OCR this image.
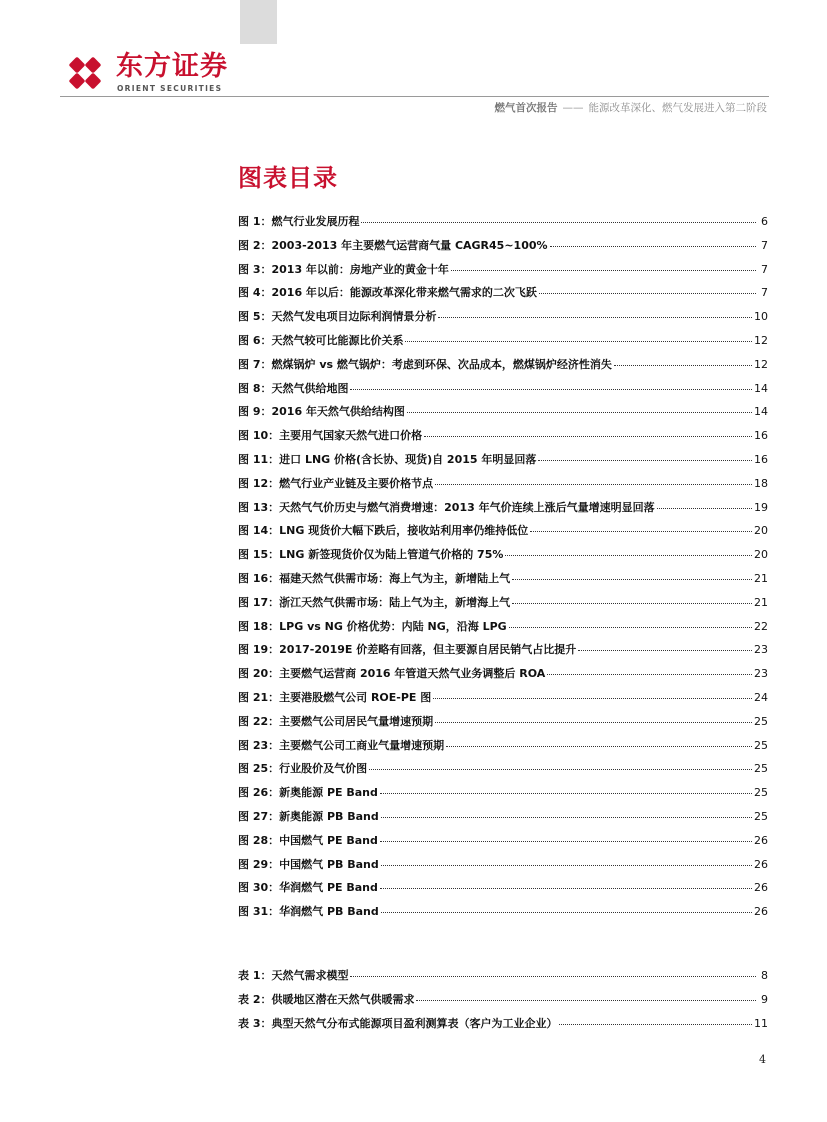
东方证券
ORIENT SECURITIES
燃气首次报告 —— 能源改革深化、燃气发展进入第二阶段
图表目录
图 1：燃气行业发展历程	6
图 2：2003-2013 年主要燃气运营商气量 CAGR45~100%	7
图 3：2013 年以前：房地产业的黄金十年	7
图 4：2016 年以后：能源改革深化带来燃气需求的二次飞跃	7
图 5：天然气发电项目边际利润情景分析	10
图 6：天然气较可比能源比价关系	12
图 7：燃煤锅炉 vs 燃气锅炉：考虑到环保、次品成本，燃煤锅炉经济性消失	12
图 8：天然气供给地图	14
图 9：2016 年天然气供给结构图	14
图 10：主要用气国家天然气进口价格	16
图 11：进口 LNG 价格(含长协、现货)自 2015 年明显回落	16
图 12：燃气行业产业链及主要价格节点	18
图 13：天然气气价历史与燃气消费增速：2013 年气价连续上涨后气量增速明显回落	19
图 14：LNG 现货价大幅下跌后，接收站利用率仍维持低位	20
图 15：LNG 新签现货价仅为陆上管道气价格的 75%	20
图 16：福建天然气供需市场：海上气为主，新增陆上气	21
图 17：浙江天然气供需市场：陆上气为主，新增海上气	21
图 18：LPG vs NG 价格优势：内陆 NG，沿海 LPG	22
图 19：2017-2019E 价差略有回落，但主要源自居民销气占比提升	23
图 20：主要燃气运营商 2016 年管道天然气业务调整后 ROA	23
图 21：主要港股燃气公司 ROE-PE 图	24
图 22：主要燃气公司居民气量增速预期	25
图 23：主要燃气公司工商业气量增速预期	25
图 25：行业股价及气价图	25
图 26：新奥能源 PE Band	25
图 27：新奥能源 PB Band	25
图 28：中国燃气 PE Band	26
图 29：中国燃气 PB Band	26
图 30：华润燃气 PE Band	26
图 31：华润燃气 PB Band	26
表 1：天然气需求模型	8
表 2：供暖地区潜在天然气供暖需求	9
表 3：典型天然气分布式能源项目盈利测算表（客户为工业企业）	11
4
